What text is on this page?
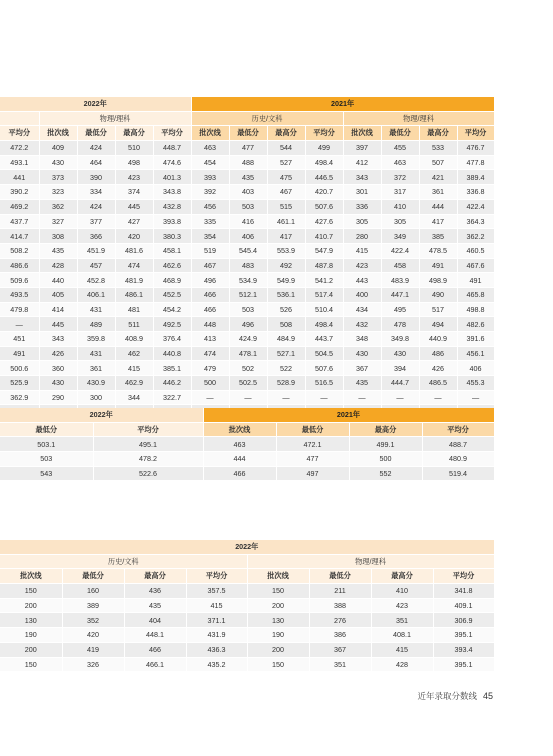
2022年					2021年							
	物理/理科				历史/文科				物理/理科			
平均分	批次线	最低分	最高分	平均分	批次线	最低分	最高分	平均分	批次线	最低分	最高分	平均分
472.2	409	424	510	448.7	463	477	544	499	397	455	533	476.7
493.1	430	464	498	474.6	454	488	527	498.4	412	463	507	477.8
441	373	390	423	401.3	393	435	475	446.5	343	372	421	389.4
390.2	323	334	374	343.8	392	403	467	420.7	301	317	361	336.8
469.2	362	424	445	432.8	456	503	515	507.6	336	410	444	422.4
437.7	327	377	427	393.8	335	416	461.1	427.6	305	305	417	364.3
414.7	308	366	420	380.3	354	406	417	410.7	280	349	385	362.2
508.2	435	451.9	481.6	458.1	519	545.4	553.9	547.9	415	422.4	478.5	460.5
486.6	428	457	474	462.6	467	483	492	487.8	423	458	491	467.6
509.6	440	452.8	481.9	468.9	496	534.9	549.9	541.2	443	483.9	498.9	491
493.5	405	406.1	486.1	452.5	466	512.1	536.1	517.4	400	447.1	490	465.8
479.8	414	431	481	454.2	466	503	526	510.4	434	495	517	498.8
—	445	489	511	492.5	448	496	508	498.4	432	478	494	482.6
451	343	359.8	408.9	376.4	413	424.9	484.9	443.7	348	349.8	440.9	391.6
491	426	431	462	440.8	474	478.1	527.1	504.5	430	430	486	456.1
500.6	360	361	415	385.1	479	502	522	507.6	367	394	426	406
525.9	430	430.9	462.9	446.2	500	502.5	528.9	516.5	435	444.7	486.5	455.3
362.9	290	300	344	322.7	—	—	—	—	—	—	—	—

2022年		2021年			
最低分	平均分	批次线	最低分	最高分	平均分
503.1	495.1	463	472.1	499.1	488.7
503	478.2	444	477	500	480.9
543	522.6	466	497	552	519.4
2022年							
历史/文科				物理/理科			
批次线	最低分	最高分	平均分	批次线	最低分	最高分	平均分
150	160	436	357.5	150	211	410	341.8
200	389	435	415	200	388	423	409.1
130	352	404	371.1	130	276	351	306.9
190	420	448.1	431.9	190	386	408.1	395.1
200	419	466	436.3	200	367	415	393.4
150	326	466.1	435.2	150	351	428	395.1
近年录取分数线 45
